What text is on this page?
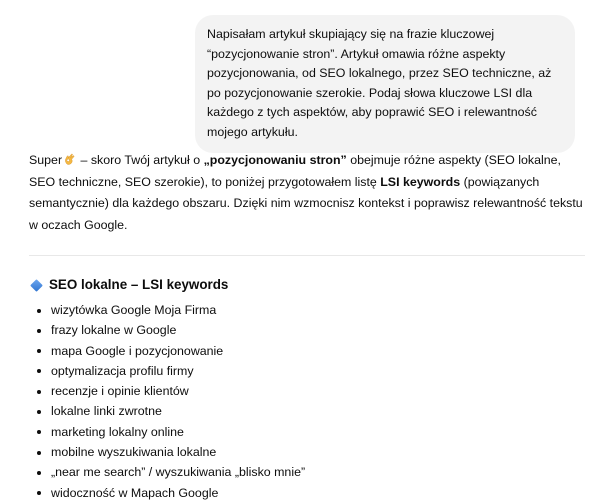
Napisałam artykuł skupiający się na frazie kluczowej “pozycjonowanie stron”. Artykuł omawia różne aspekty pozycjonowania, od SEO lokalnego, przez SEO techniczne, aż po pozycjonowanie szerokie. Podaj słowa kluczowe LSI dla każdego z tych aspektów, aby poprawić SEO i relewantność mojego artykułu.

Super – skoro Twój artykuł o „pozycjonowaniu stron” obejmuje różne aspekty (SEO lokalne, SEO techniczne, SEO szerokie), to poniżej przygotowałem listę LSI keywords (powiązanych semantycznie) dla każdego obszaru. Dzięki nim wzmocnisz kontekst i poprawisz relewantność tekstu w oczach Google.

SEO lokalne – LSI keywords
wizytówka Google Moja Firma
frazy lokalne w Google
mapa Google i pozycjonowanie
optymalizacja profilu firmy
recenzje i opinie klientów
lokalne linki zwrotne
marketing lokalny online
mobilne wyszukiwania lokalne
„near me search” / wyszukiwania „blisko mnie”
widoczność w Mapach Google
